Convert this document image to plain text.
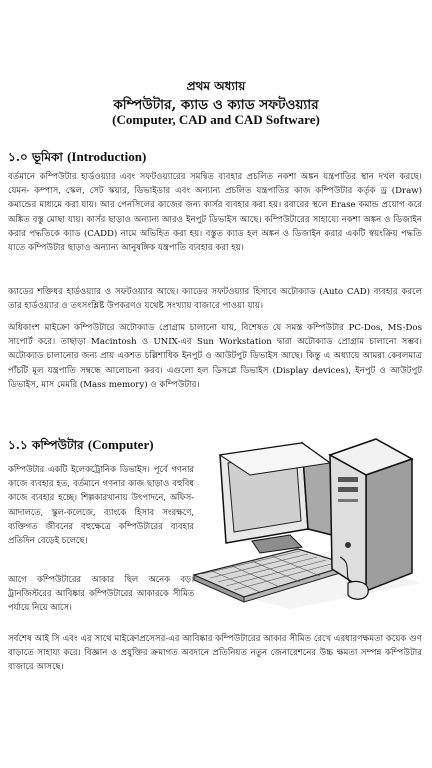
প্রথম অধ্যায়
কম্পিউটার, ক্যাড ও ক্যাড সফটওয়্যার
(Computer, CAD and CAD Software)
১.০ ভূমিকা (Introduction)
বর্তমানে কম্পিউটার হার্ডওয়্যার এবং সফটওয়্যারের সমন্বিত ব্যবহার প্রচলিত নকশা অঙ্কন যন্ত্রপাতির স্থান দখল করছে। যেমন- কম্পাস, স্কেল, সেট স্কয়ার, ডিভাইডার এবং অন্যান্য প্রচলিত যন্ত্রপাতির কাজ কম্পিউটার কর্তৃক ড্র (Draw) কমান্ডের মাধ্যমে করা যায়। আর পেনসিলের কাজের জন্য কার্সর ব্যবহার করা হয়। রবারের স্থলে Erase কমান্ড প্রয়োগ করে অঙ্কিত বস্তু মোছা যায়। কার্সর ছাড়াও অন্যান্য আরও ইনপুট ডিভাইস আছে। কম্পিউটারের সাহায্যে নকশা অঙ্কন ও ডিজাইন করার পদ্ধতিকে ক্যাড (CADD) নামে অভিহিত করা হয়। বস্তুত ক্যাড হল অঙ্কন ও ডিজাইন করার একটি স্বয়ংক্রিয় পদ্ধতি যাতে কম্পিউটার ছাড়াও অন্যান্য আনুষঙ্গিক যন্ত্রপাতি ব্যবহার করা হয়।
ক্যাডের শক্তিধর হার্ডওয়্যার ও সফটওয়্যার আছে। ক্যাডের সফটওয়্যার হিসাবে অটোক্যাড (Auto CAD) ব্যবহার করলে তার হার্ডওয়্যার ও তৎসংশ্লিষ্ট উপকরণও যথেষ্ট সংখ্যায় বাজারে পাওয়া যায়।
অধিকাংশ মাইক্রো কম্পিউটারে অটোক্যাড প্রোগ্রাম চালানো যায়, বিশেষত যে সমস্ত কম্পিউটার PC-Dos, MS-Dos সাপোর্ট করে। তাছাড়া Macintosh ও UNIX-এর Sun Workstation দ্বারা অটোক্যাড প্রোগ্রাম চালানো সম্ভব। অটোক্যাড চালানোর জন্য প্রায় একশত চল্লিশাধিক ইনপুট ও আউটপুট ডিভাইস আছে। কিন্তু এ অধ্যায়ে আমরা কেবলমাত্র পাঁচটি মূল যন্ত্রপাতি সম্বন্ধে আলোচনা করব। এগুলো হল ডিসপ্লে ডিভাইস (Display devices), ইনপুট ও আউটপুট ডিভাইস, মাস মেমরি (Mass memory) ও কম্পিউটার।
১.১ কম্পিউটার (Computer)
কম্পিউটার একটি ইলেকট্রোনিক ডিভাইস। পূর্বে গণনার কাজে ব্যবহার হত, বর্তমানে গণনার কাজ ছাড়াও বহুবিধ কাজে ব্যবহার হচ্ছে। শিল্পকারখানায় উৎপাদনে, অফিস-আদালতে, স্কুল-কলেজে, ব্যাংকে হিসাব সংরক্ষণে, ব্যক্তিগত জীবনের বহুক্ষেত্রে কম্পিউটারের ব্যবহার প্রতিদিন বেড়েই চলেছে।
আগে কম্পিউটারের আকার ছিল অনেক বড়। ট্রানজিস্টরের আবিষ্কার কম্পিউটারের আকারকে সীমিত পর্যায়ে নিয়ে আসে।
সর্বশেষ আই সি এবং এর সাথে মাইক্রোপ্রসেসর-এর আবিষ্কার কম্পিউটারের আকার সীমিত রেখে এরধারণক্ষমতা কয়েক গুণ বাড়াতে সাহায্য করে। বিজ্ঞান ও প্রযুক্তির ক্রমাগত অবদানে প্রতিনিয়ত নতুন জেনারেশনের উচ্চ ক্ষমতা সম্পন্ন কম্পিউটার বাজারে আসছে।
